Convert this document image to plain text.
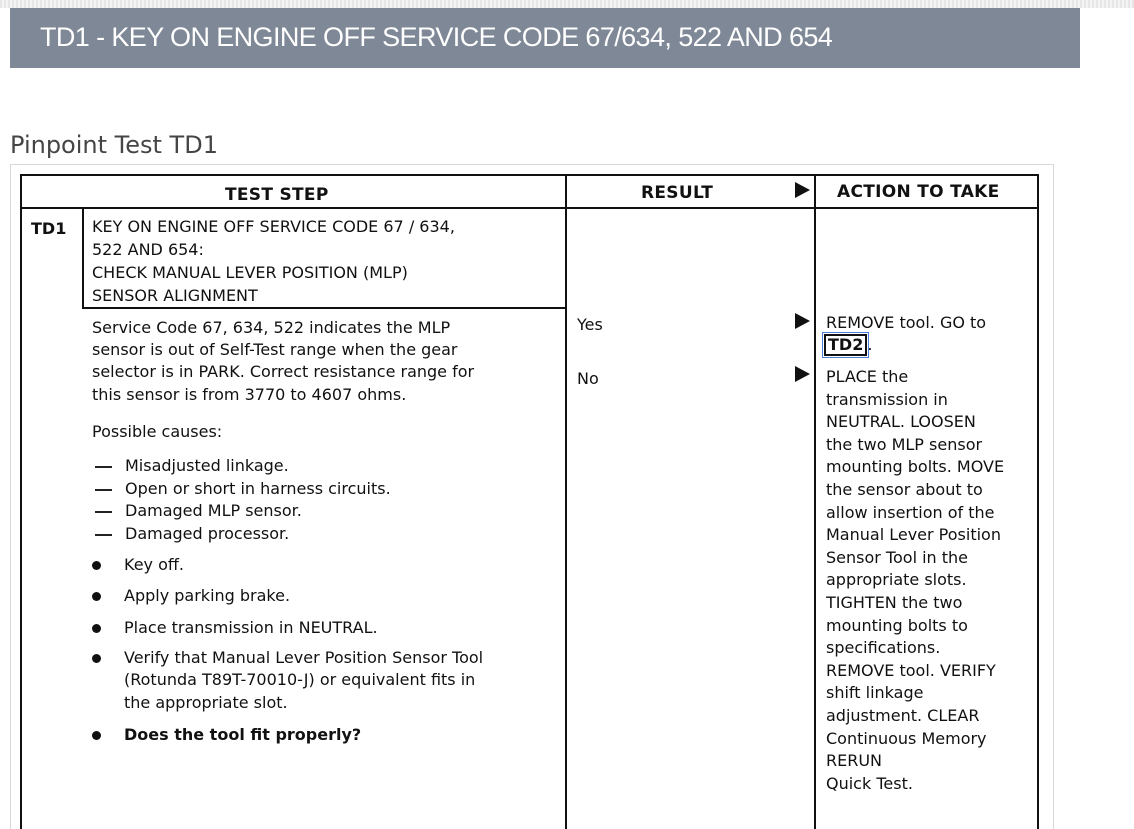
TD1 - KEY ON ENGINE OFF SERVICE CODE 67/634, 522 AND 654
Pinpoint Test TD1
TEST STEP	RESULT	ACTION TO TAKE
TD1 KEY ON ENGINE OFF SERVICE CODE 67 / 634,
522 AND 654:
CHECK MANUAL LEVER POSITION (MLP)
SENSOR ALIGNMENT
Service Code 67, 634, 522 indicates the MLP
sensor is out of Self-Test range when the gear
selector is in PARK. Correct resistance range for
this sensor is from 3770 to 4607 ohms.
Possible causes:
Misadjusted linkage.
Open or short in harness circuits.
Damaged MLP sensor.
Damaged processor.
Key off.
Apply parking brake.
Place transmission in NEUTRAL.
Verify that Manual Lever Position Sensor Tool
(Rotunda T89T-70010-J) or equivalent fits in
the appropriate slot.
Does the tool fit properly?
Yes
No
REMOVE tool. GO to
TD2 .
PLACE the
transmission in
NEUTRAL. LOOSEN
the two MLP sensor
mounting bolts. MOVE
the sensor about to
allow insertion of the
Manual Lever Position
Sensor Tool in the
appropriate slots.
TIGHTEN the two
mounting bolts to
specifications.
REMOVE tool. VERIFY
shift linkage
adjustment. CLEAR
Continuous Memory
RERUN
Quick Test.
